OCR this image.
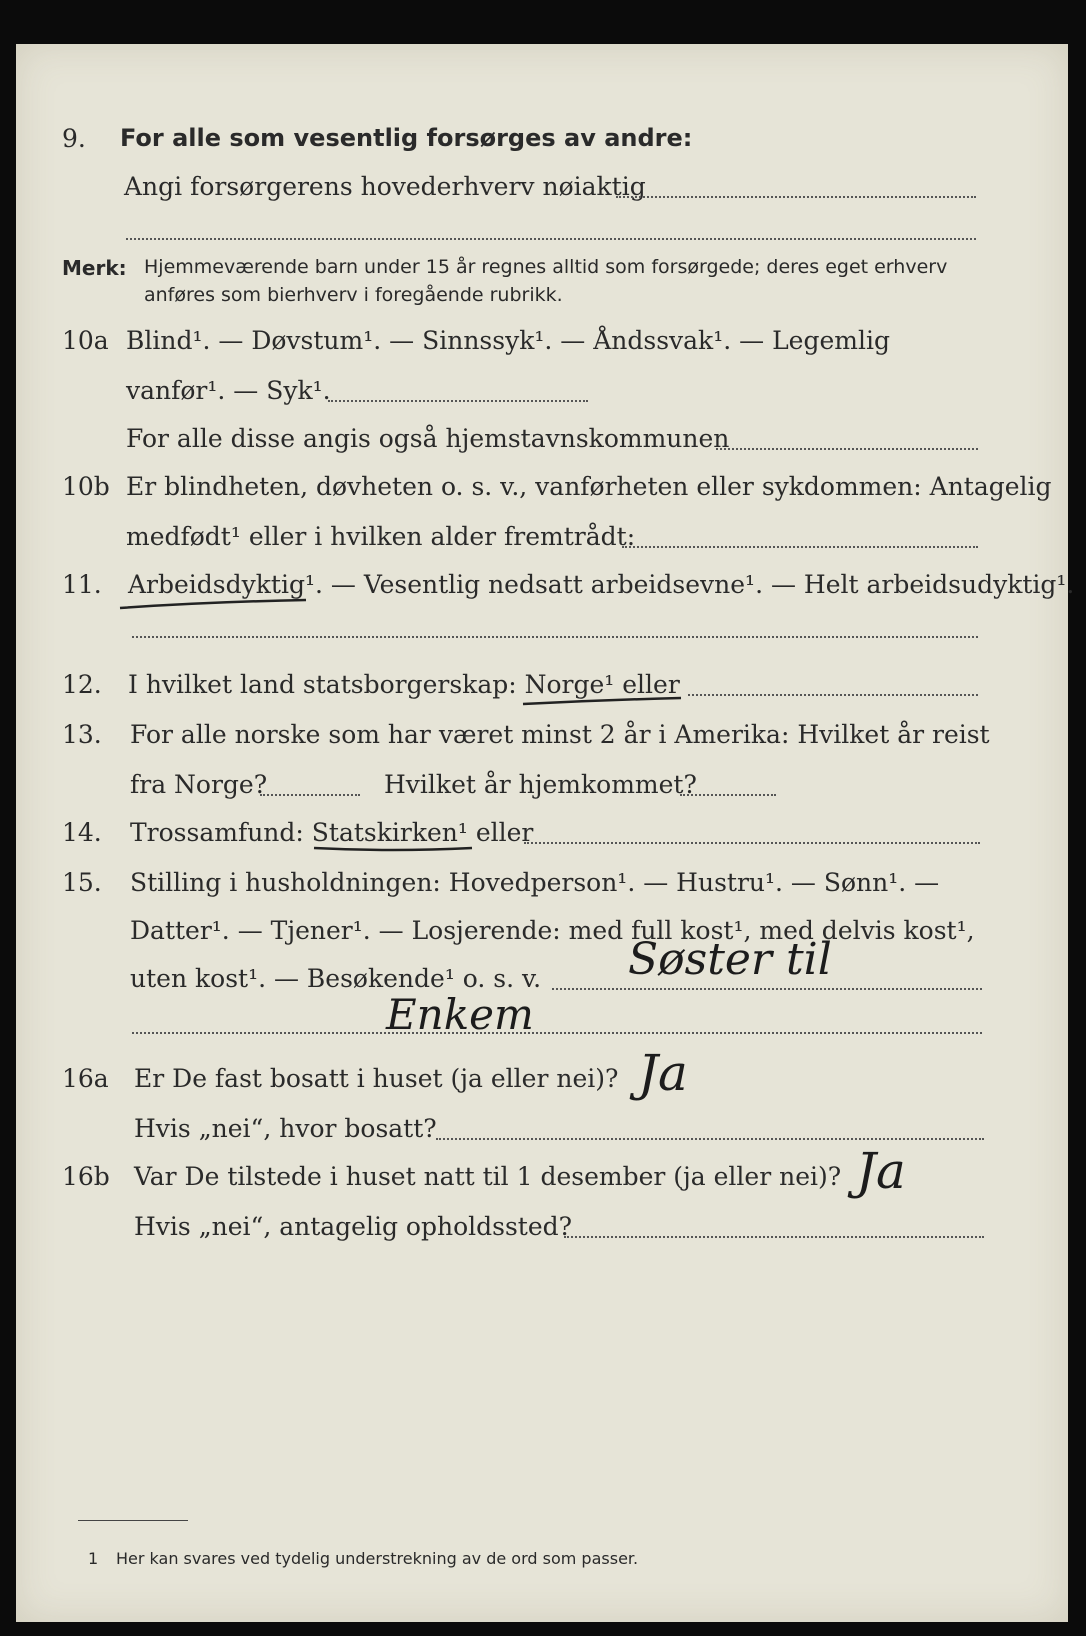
9. For alle som vesentlig forsørges av andre:
Angi forsørgerens hovederhverv nøiaktig
Merk: Hjemmeværende barn under 15 år regnes alltid som forsørgede; deres eget erhverv
anføres som bierhverv i foregående rubrikk.
10a Blind¹. — Døvstum¹. — Sinnssyk¹. — Åndssvak¹. — Legemlig
vanfør¹. — Syk¹.
For alle disse angis også hjemstavnskommunen
10b Er blindheten, døvheten o. s. v., vanførheten eller sykdommen: Antagelig
medfødt¹ eller i hvilken alder fremtrådt:
11. Arbeidsdyktig¹. — Vesentlig nedsatt arbeidsevne¹. — Helt arbeidsudyktig¹.
12. I hvilket land statsborgerskap: Norge¹ eller
13. For alle norske som har været minst 2 år i Amerika: Hvilket år reist
fra Norge?	Hvilket år hjemkommet?
14. Trossamfund: Statskirken¹ eller
15. Stilling i husholdningen: Hovedperson¹. — Hustru¹. — Sønn¹. —
Datter¹. — Tjener¹. — Losjerende: med full kost¹, med delvis kost¹,
uten kost¹. — Besøkende¹ o. s. v. Søster til
Enkem
16a Er De fast bosatt i huset (ja eller nei)?
Hvis „nei“, hvor bosatt?
Ja
16b Var De tilstede i huset natt til 1 desember (ja eller nei)?
Hvis „nei“, antagelig opholdssted?
Ja
1 Her kan svares ved tydelig understrekning av de ord som passer.
